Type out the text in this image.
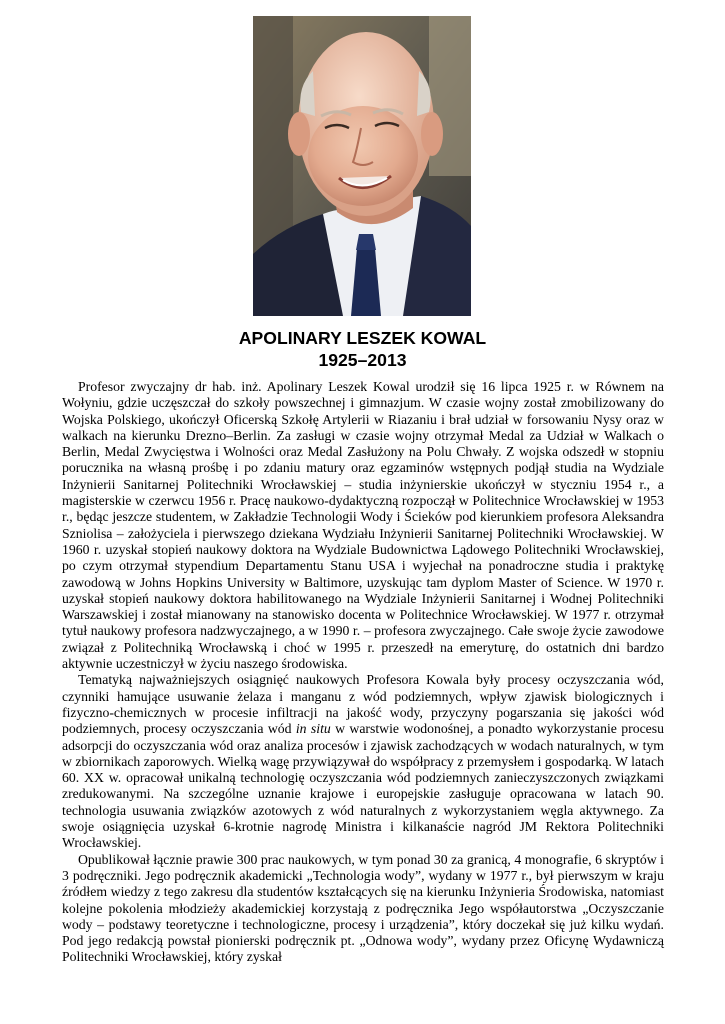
APOLINARY LESZEK KOWAL
1925–2013

Profesor zwyczajny dr hab. inż. Apolinary Leszek Kowal urodził się 16 lipca 1925 r. w Równem na Wołyniu, gdzie uczęszczał do szkoły powszechnej i gimnazjum. W czasie wojny został zmobilizowany do Wojska Polskiego, ukończył Oficerską Szkołę Artylerii w Riazaniu i brał udział w forsowaniu Nysy oraz w walkach na kierunku Drezno–Berlin. Za zasługi w czasie wojny otrzymał Medal za Udział w Walkach o Berlin, Medal Zwycięstwa i Wolności oraz Medal Zasłużony na Polu Chwały. Z wojska odszedł w stopniu porucznika na własną prośbę i po zdaniu matury oraz egzaminów wstępnych podjął studia na Wydziale Inżynierii Sanitarnej Politechniki Wrocławskiej – studia inżynierskie ukończył w styczniu 1954 r., a magisterskie w czerwcu 1956 r. Pracę naukowo-dydaktyczną rozpoczął w Politechnice Wrocławskiej w 1953 r., będąc jeszcze studentem, w Zakładzie Technologii Wody i Ścieków pod kierunkiem profesora Aleksandra Szniolisa – założyciela i pierwszego dziekana Wydziału Inżynierii Sanitarnej Politechniki Wrocławskiej. W 1960 r. uzyskał stopień naukowy doktora na Wydziale Budownictwa Lądowego Politechniki Wrocławskiej, po czym otrzymał stypendium Departamentu Stanu USA i wyjechał na ponadroczne studia i praktykę zawodową w Johns Hopkins University w Baltimore, uzyskując tam dyplom Master of Science. W 1970 r. uzyskał stopień naukowy doktora habilitowanego na Wydziale Inżynierii Sanitarnej i Wodnej Politechniki Warszawskiej i został mianowany na stanowisko docenta w Politechnice Wrocławskiej. W 1977 r. otrzymał tytuł naukowy profesora nadzwyczajnego, a w 1990 r. – profesora zwyczajnego. Całe swoje życie zawodowe związał z Politechniką Wrocławską i choć w 1995 r. przeszedł na emeryturę, do ostatnich dni bardzo aktywnie uczestniczył w życiu naszego środowiska.

Tematyką najważniejszych osiągnięć naukowych Profesora Kowala były procesy oczyszczania wód, czynniki hamujące usuwanie żelaza i manganu z wód podziemnych, wpływ zjawisk biologicznych i fizyczno-chemicznych w procesie infiltracji na jakość wody, przyczyny pogarszania się jakości wód podziemnych, procesy oczyszczania wód in situ w warstwie wodonośnej, a ponadto wykorzystanie procesu adsorpcji do oczyszczania wód oraz analiza procesów i zjawisk zachodzących w wodach naturalnych, w tym w zbiornikach zaporowych. Wielką wagę przywiązywał do współpracy z przemysłem i gospodarką. W latach 60. XX w. opracował unikalną technologię oczyszczania wód podziemnych zanieczyszczonych związkami zredukowanymi. Na szczególne uznanie krajowe i europejskie zasługuje opracowana w latach 90. technologia usuwania związków azotowych z wód naturalnych z wykorzystaniem węgla aktywnego. Za swoje osiągnięcia uzyskał 6-krotnie nagrodę Ministra i kilkanaście nagród JM Rektora Politechniki Wrocławskiej.

Opublikował łącznie prawie 300 prac naukowych, w tym ponad 30 za granicą, 4 monografie, 6 skryptów i 3 podręczniki. Jego podręcznik akademicki „Technologia wody”, wydany w 1977 r., był pierwszym w kraju źródłem wiedzy z tego zakresu dla studentów kształcących się na kierunku Inżynieria Środowiska, natomiast kolejne pokolenia młodzieży akademickiej korzystają z podręcznika Jego współautorstwa „Oczyszczanie wody – podstawy teoretyczne i technologiczne, procesy i urządzenia”, który doczekał się już kilku wydań. Pod jego redakcją powstał pionierski podręcznik pt. „Odnowa wody”, wydany przez Oficynę Wydawniczą Politechniki Wrocławskiej, który zyskał
